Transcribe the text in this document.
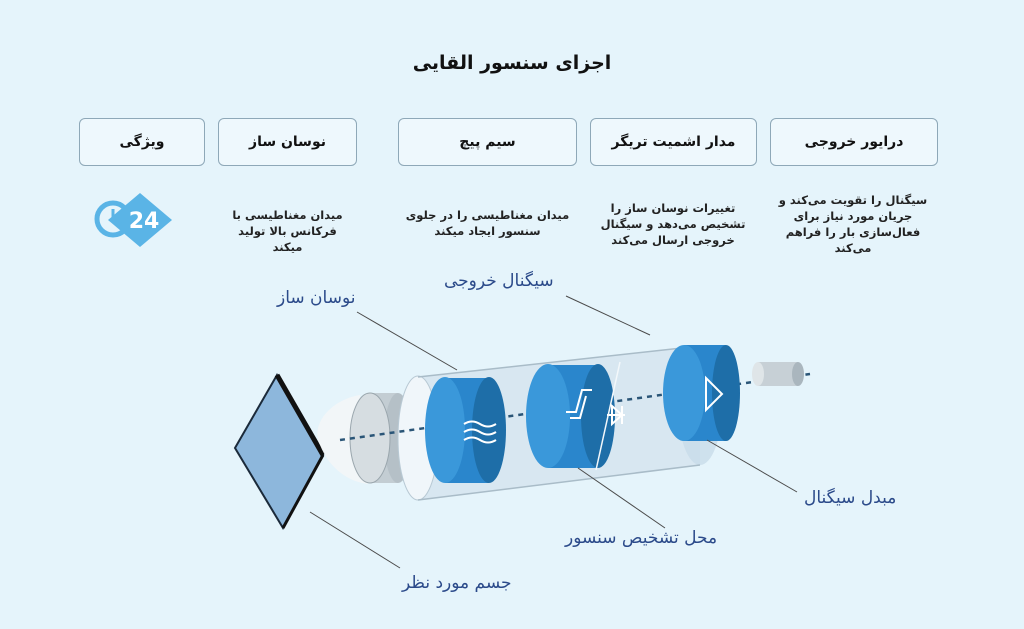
اجزای سنسور القایی
ویژگی	نوسان ساز	سیم پیچ	مدار اشمیت تریگر	درایور خروجی
میدان مغناطیسی با فرکانس بالا تولید میکند
میدان مغناطیسی را در جلوی سنسور ایجاد میکند
تغییرات نوسان ساز را تشخیص می‌دهد و سیگنال خروجی ارسال می‌کند
سیگنال را تقویت می‌کند و جریان مورد نیاز برای فعال‌سازی بار را فراهم می‌کند
24
نوسان ساز
سیگنال خروجی
مبدل سیگنال
محل تشخیص سنسور
جسم مورد نظر
